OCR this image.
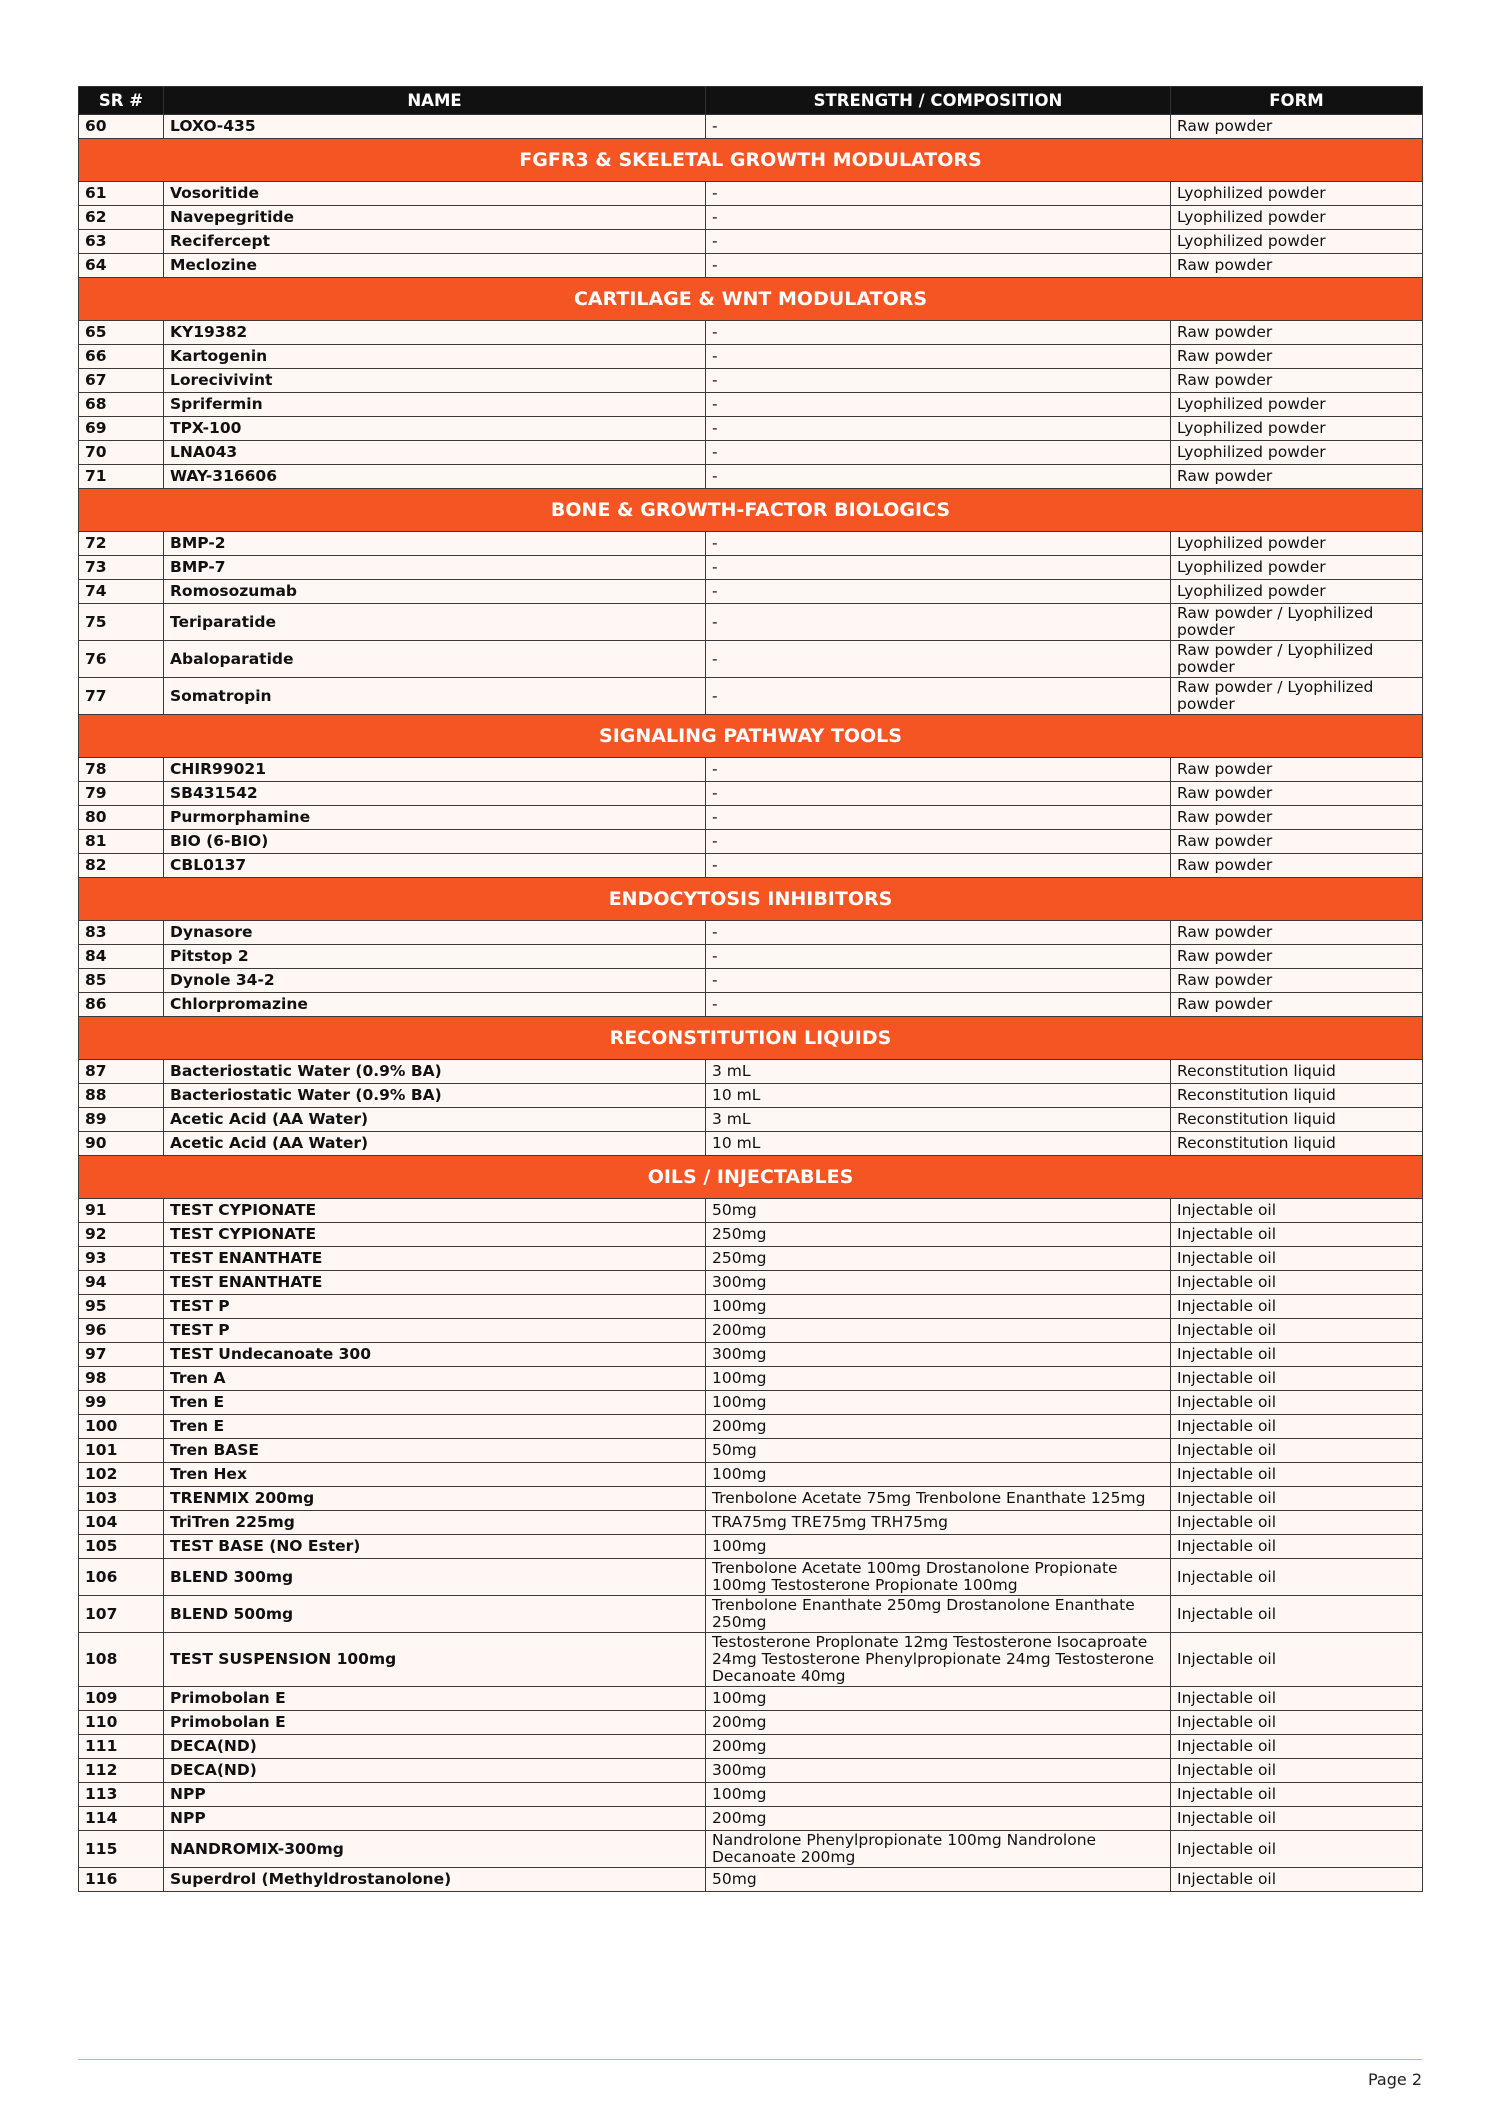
SR #	NAME	STRENGTH / COMPOSITION	FORM
60	LOXO-435	-	Raw powder
FGFR3 & SKELETAL GROWTH MODULATORS			
61	Vosoritide	-	Lyophilized powder
62	Navepegritide	-	Lyophilized powder
63	Recifercept	-	Lyophilized powder
64	Meclozine	-	Raw powder
CARTILAGE & WNT MODULATORS			
65	KY19382	-	Raw powder
66	Kartogenin	-	Raw powder
67	Lorecivivint	-	Raw powder
68	Sprifermin	-	Lyophilized powder
69	TPX-100	-	Lyophilized powder
70	LNA043	-	Lyophilized powder
71	WAY-316606	-	Raw powder
BONE & GROWTH-FACTOR BIOLOGICS			
72	BMP-2	-	Lyophilized powder
73	BMP-7	-	Lyophilized powder
74	Romosozumab	-	Lyophilized powder
75	Teriparatide	-	Raw powder / Lyophilized powder
76	Abaloparatide	-	Raw powder / Lyophilized powder
77	Somatropin	-	Raw powder / Lyophilized powder
SIGNALING PATHWAY TOOLS			
78	CHIR99021	-	Raw powder
79	SB431542	-	Raw powder
80	Purmorphamine	-	Raw powder
81	BIO (6-BIO)	-	Raw powder
82	CBL0137	-	Raw powder
ENDOCYTOSIS INHIBITORS			
83	Dynasore	-	Raw powder
84	Pitstop 2	-	Raw powder
85	Dynole 34-2	-	Raw powder
86	Chlorpromazine	-	Raw powder
RECONSTITUTION LIQUIDS			
87	Bacteriostatic Water (0.9% BA)	3 mL	Reconstitution liquid
88	Bacteriostatic Water (0.9% BA)	10 mL	Reconstitution liquid
89	Acetic Acid (AA Water)	3 mL	Reconstitution liquid
90	Acetic Acid (AA Water)	10 mL	Reconstitution liquid
OILS / INJECTABLES			
91	TEST CYPIONATE	50mg	Injectable oil
92	TEST CYPIONATE	250mg	Injectable oil
93	TEST ENANTHATE	250mg	Injectable oil
94	TEST ENANTHATE	300mg	Injectable oil
95	TEST P	100mg	Injectable oil
96	TEST P	200mg	Injectable oil
97	TEST Undecanoate 300	300mg	Injectable oil
98	Tren A	100mg	Injectable oil
99	Tren E	100mg	Injectable oil
100	Tren E	200mg	Injectable oil
101	Tren BASE	50mg	Injectable oil
102	Tren Hex	100mg	Injectable oil
103	TRENMIX 200mg	Trenbolone Acetate 75mg Trenbolone Enanthate 125mg	Injectable oil
104	TriTren 225mg	TRA75mg TRE75mg TRH75mg	Injectable oil
105	TEST BASE (NO Ester)	100mg	Injectable oil
106	BLEND 300mg	Trenbolone Acetate 100mg Drostanolone Propionate 100mg Testosterone Propionate 100mg	Injectable oil
107	BLEND 500mg	Trenbolone Enanthate 250mg Drostanolone Enanthate 250mg	Injectable oil
108	TEST SUSPENSION 100mg	Testosterone Proplonate 12mg Testosterone Isocaproate 24mg Testosterone Phenylpropionate 24mg Testosterone Decanoate 40mg	Injectable oil
109	Primobolan E	100mg	Injectable oil
110	Primobolan E	200mg	Injectable oil
111	DECA(ND)	200mg	Injectable oil
112	DECA(ND)	300mg	Injectable oil
113	NPP	100mg	Injectable oil
114	NPP	200mg	Injectable oil
115	NANDROMIX-300mg	Nandrolone Phenylpropionate 100mg Nandrolone Decanoate 200mg	Injectable oil
116	Superdrol (Methyldrostanolone)	50mg	Injectable oil
Page 2
